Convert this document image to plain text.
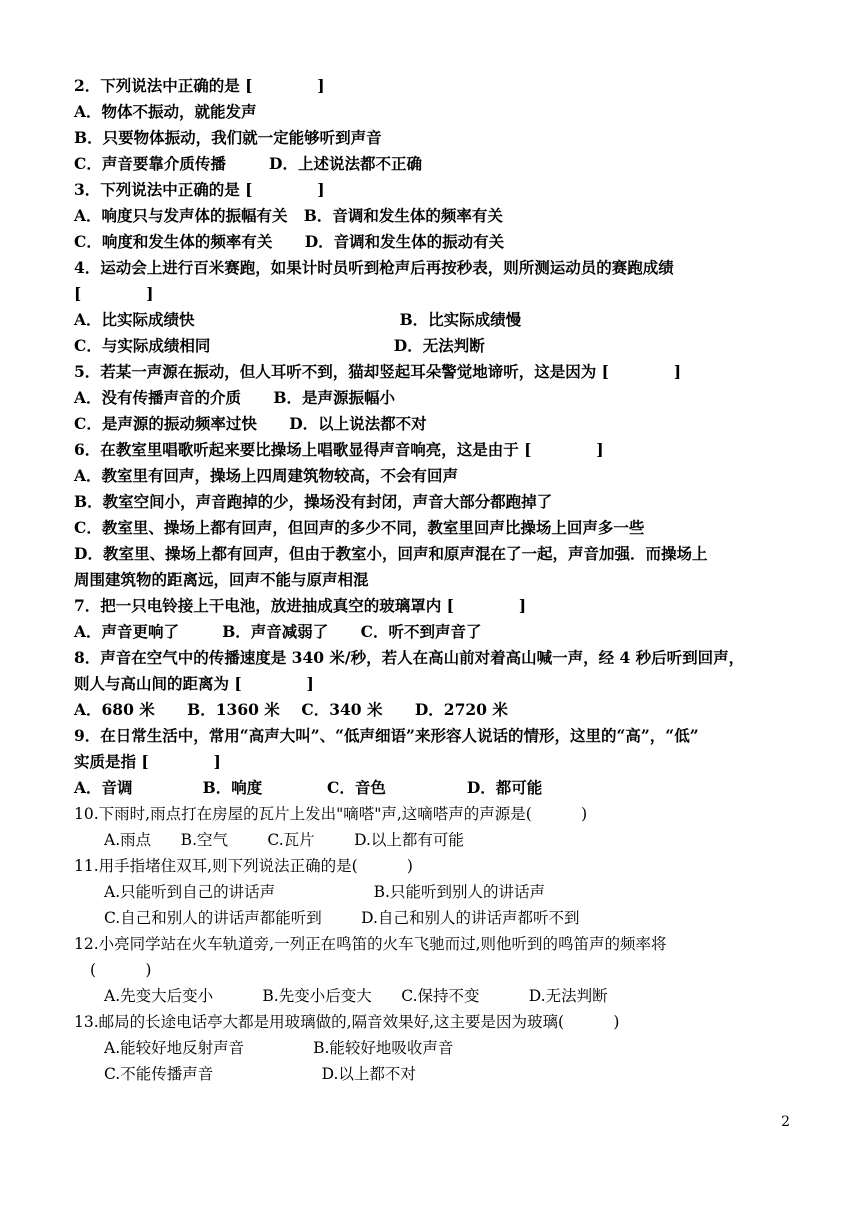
2．下列说法中正确的是 [            ]
A．物体不振动，就能发声
B．只要物体振动，我们就一定能够听到声音
C．声音要靠介质传播        D．上述说法都不正确
3．下列说法中正确的是 [            ]
A．响度只与发声体的振幅有关   B．音调和发生体的频率有关
C．响度和发生体的频率有关      D．音调和发生体的振动有关
4．运动会上进行百米赛跑，如果计时员听到枪声后再按秒表，则所测运动员的赛跑成绩
[            ]
A．比实际成绩快                                      B．比实际成绩慢
C．与实际成绩相同                                  D．无法判断
5．若某一声源在振动，但人耳听不到，猫却竖起耳朵警觉地谛听，这是因为 [            ]
A．没有传播声音的介质      B．是声源振幅小
C．是声源的振动频率过快      D．以上说法都不对
6．在教室里唱歌听起来要比操场上唱歌显得声音响亮，这是由于 [            ]
A．教室里有回声，操场上四周建筑物较高，不会有回声
B．教室空间小，声音跑掉的少，操场没有封闭，声音大部分都跑掉了
C．教室里、操场上都有回声，但回声的多少不同，教室里回声比操场上回声多一些
D．教室里、操场上都有回声，但由于教室小，回声和原声混在了一起，声音加强．而操场上
周围建筑物的距离远，回声不能与原声相混
7．把一只电铃接上干电池，放进抽成真空的玻璃罩内 [            ]
A．声音更响了        B．声音减弱了      C．听不到声音了
8．声音在空气中的传播速度是 340 米/秒，若人在高山前对着高山喊一声，经 4 秒后听到回声，
则人与高山间的距离为 [            ]
A．680 米      B．1360 米    C．340 米      D．2720 米
9．在日常生活中，常用“高声大叫”、“低声细语”来形容人说话的情形，这里的“高”，“低”
实质是指 [            ]
A．音调             B．响度            C．音色               D．都可能
10.下雨时,雨点打在房屋的瓦片上发出"嘀嗒"声,这嘀嗒声的声源是(          )
A.雨点      B.空气        C.瓦片        D.以上都有可能
11.用手指堵住双耳,则下列说法正确的是(          )
A.只能听到自己的讲话声                    B.只能听到别人的讲话声
C.自己和别人的讲话声都能听到        D.自己和别人的讲话声都听不到
12.小亮同学站在火车轨道旁,一列正在鸣笛的火车飞驰而过,则他听到的鸣笛声的频率将
(          )
A.先变大后变小          B.先变小后变大      C.保持不变          D.无法判断
13.邮局的长途电话亭大都是用玻璃做的,隔音效果好,这主要是因为玻璃(          )
A.能较好地反射声音              B.能较好地吸收声音
C.不能传播声音                      D.以上都不对
2
